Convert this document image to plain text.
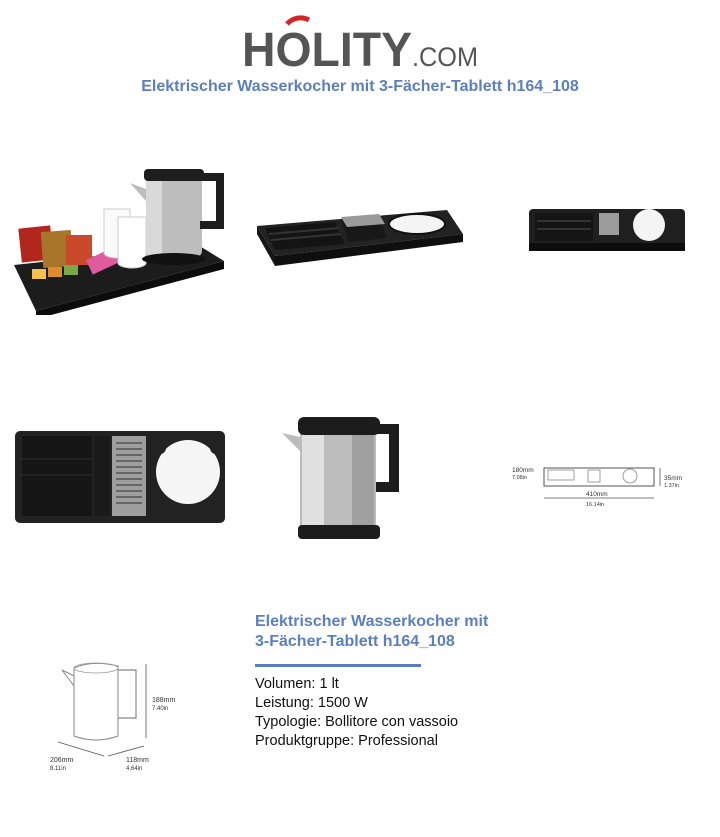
HOLITY .COM
Elektrischer Wasserkocher mit 3-Fächer-Tablett h164_108
180mm
7.08in	35mm
1.37in
410mm
16.14in
188mm
7.40in
206mm
8.11in
118mm
4.64in
Elektrischer Wasserkocher mit
3-Fächer-Tablett h164_108
Volumen: 1 lt
Leistung: 1500 W
Typologie: Bollitore con vassoio
Produktgruppe: Professional
